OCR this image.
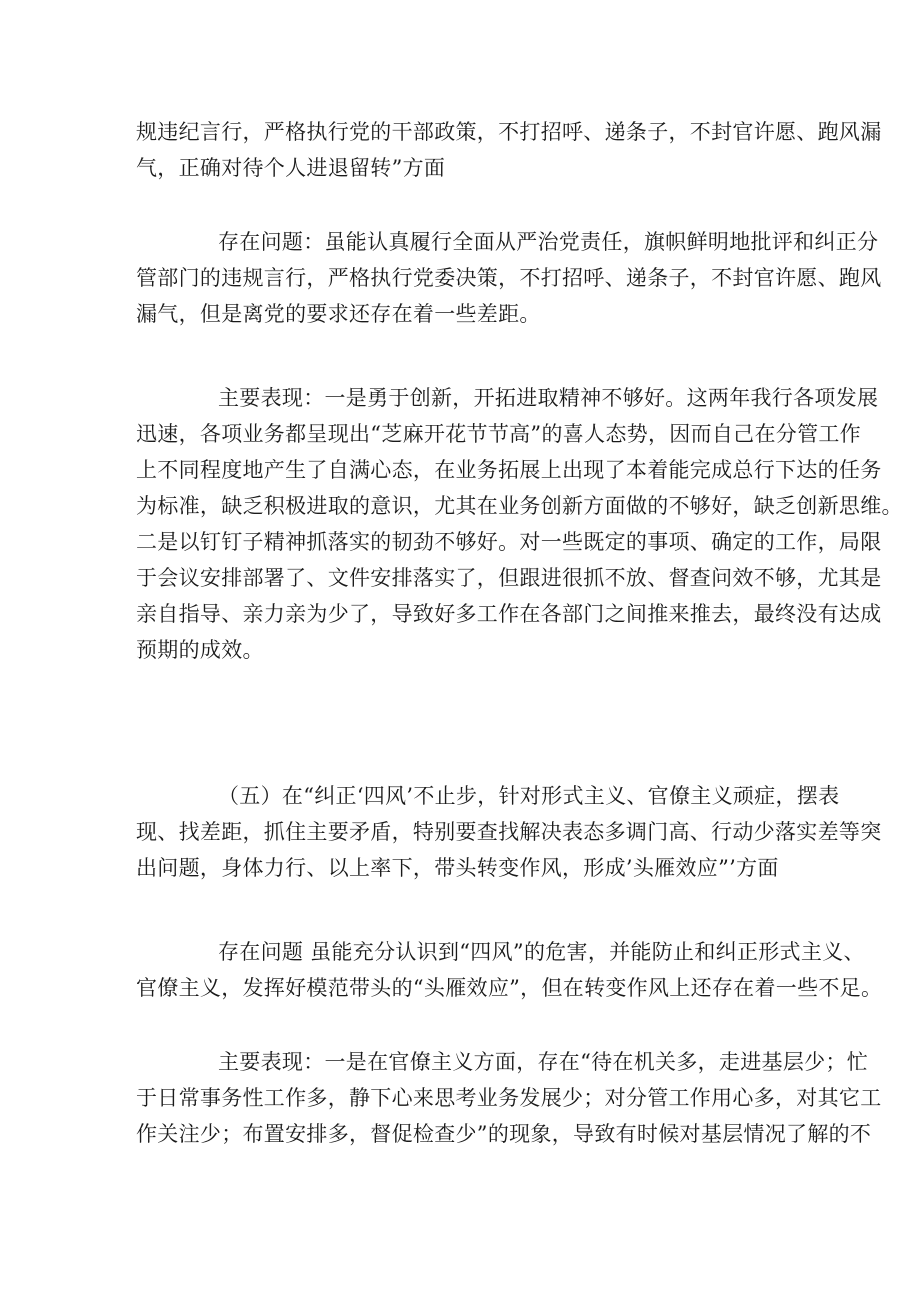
规违纪言行，严格执行党的干部政策，不打招呼、递条子，不封官许愿、跑风漏
气，正确对待个人进退留转”方面
存在问题：虽能认真履行全面从严治党责任，旗帜鲜明地批评和纠正分
管部门的违规言行，严格执行党委决策，不打招呼、递条子，不封官许愿、跑风
漏气，但是离党的要求还存在着一些差距。
主要表现：一是勇于创新，开拓进取精神不够好。这两年我行各项发展
迅速，各项业务都呈现出“芝麻开花节节高”的喜人态势，因而自己在分管工作
上不同程度地产生了自满心态，在业务拓展上出现了本着能完成总行下达的任务
为标准，缺乏积极进取的意识，尤其在业务创新方面做的不够好，缺乏创新思维。
二是以钉钉子精神抓落实的韧劲不够好。对一些既定的事项、确定的工作，局限
于会议安排部署了、文件安排落实了，但跟进很抓不放、督查问效不够，尤其是
亲自指导、亲力亲为少了，导致好多工作在各部门之间推来推去，最终没有达成
预期的成效。
（五）在“纠正‘四风’不止步，针对形式主义、官僚主义顽症，摆表
现、找差距，抓住主要矛盾，特别要查找解决表态多调门高、行动少落实差等突
出问题，身体力行、以上率下，带头转变作风，形成’头雁效应”’方面
存在问题 虽能充分认识到“四风”的危害，并能防止和纠正形式主义、
官僚主义，发挥好模范带头的“头雁效应”，但在转变作风上还存在着一些不足。
主要表现：一是在官僚主义方面，存在“待在机关多，走进基层少；忙
于日常事务性工作多，静下心来思考业务发展少；对分管工作用心多，对其它工
作关注少；布置安排多，督促检查少”的现象，导致有时候对基层情况了解的不
